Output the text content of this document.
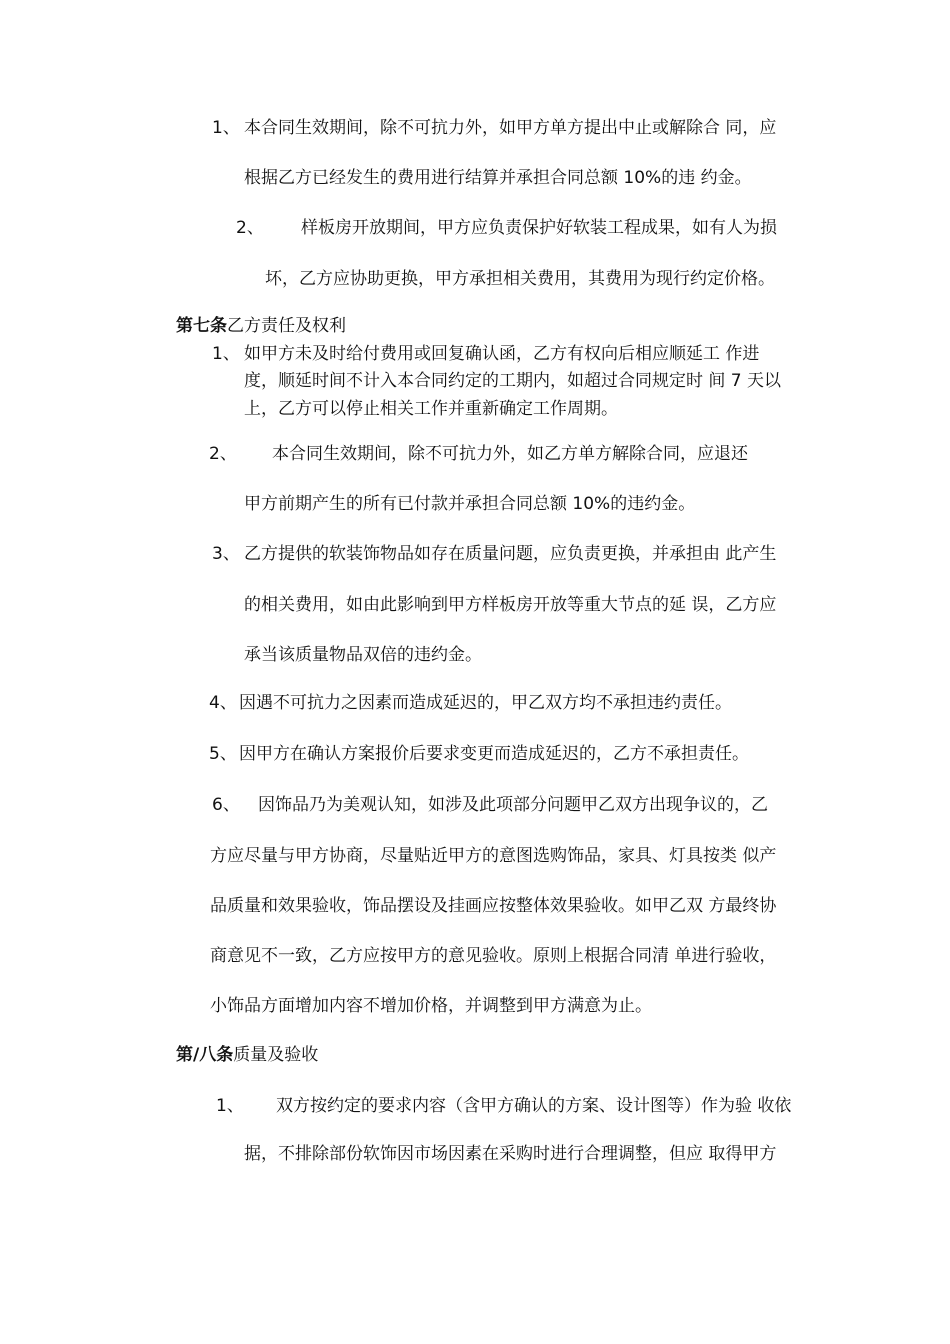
1、 本合同生效期间，除不可抗力外，如甲方单方提出中止或解除合 同，应
根据乙方已经发生的费用进行结算并承担合同总额 10%的违 约金。
2、 样板房开放期间，甲方应负责保护好软装工程成果，如有人为损
坏，乙方应协助更换，甲方承担相关费用，其费用为现行约定价格。
第七条乙方责任及权利
1、 如甲方未及时给付费用或回复确认函，乙方有权向后相应顺延工 作进
度，顺延时间不计入本合同约定的工期内，如超过合同规定时 间 7 天以
上，乙方可以停止相关工作并重新确定工作周期。
2、 本合同生效期间，除不可抗力外，如乙方单方解除合同，应退还
甲方前期产生的所有已付款并承担合同总额 10%的违约金。
3、 乙方提供的软装饰物品如存在质量问题，应负责更换，并承担由 此产生
的相关费用，如由此影响到甲方样板房开放等重大节点的延 误，乙方应
承当该质量物品双倍的违约金。
4、 因遇不可抗力之因素而造成延迟的，甲乙双方均不承担违约责任。
5、 因甲方在确认方案报价后要求变更而造成延迟的，乙方不承担责任。
6、 因饰品乃为美观认知，如涉及此项部分问题甲乙双方出现争议的，乙
方应尽量与甲方协商，尽量贴近甲方的意图选购饰品，家具、灯具按类 似产
品质量和效果验收，饰品摆设及挂画应按整体效果验收。如甲乙双 方最终协
商意见不一致，乙方应按甲方的意见验收。原则上根据合同清 单进行验收，
小饰品方面增加内容不增加价格，并调整到甲方满意为止。
第/八条质量及验收
1、 双方按约定的要求内容（含甲方确认的方案、设计图等）作为验 收依
据，不排除部份软饰因市场因素在采购时进行合理调整，但应 取得甲方
